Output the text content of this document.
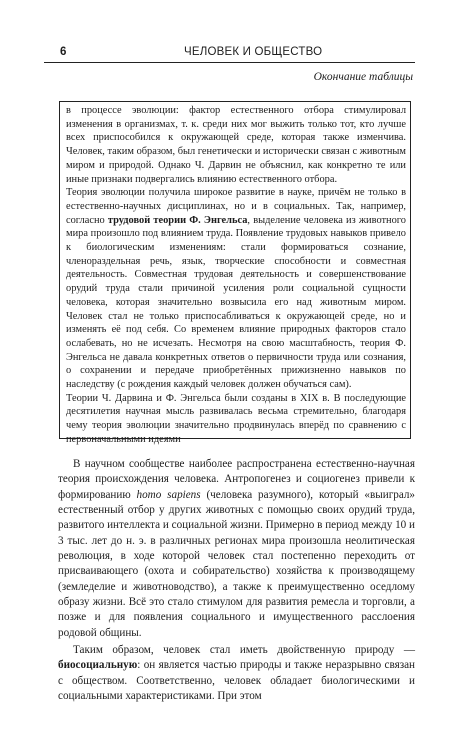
6	ЧЕЛОВЕК И ОБЩЕСТВО
Окончание таблицы

в процессе эволюции: фактор естественного отбора стимулировал изменения в организмах, т. к. среди них мог выжить только тот, кто лучше всех приспособился к окружающей среде, которая также изменчива. Человек, таким образом, был генетически и исторически связан с животным миром и природой. Однако Ч. Дарвин не объяснил, как конкретно те или иные признаки подвергались влиянию естественного отбора.

Теория эволюции получила широкое развитие в науке, причём не только в естественно-научных дисциплинах, но и в социальных. Так, например, согласно трудовой теории Ф. Энгельса, выделение человека из животного мира произошло под влиянием труда. Появление трудовых навыков привело к биологическим изменениям: стали формироваться сознание, членораздельная речь, язык, творческие способности и совместная деятельность. Совместная трудовая деятельность и совершенствование орудий труда стали причиной усиления роли социальной сущности человека, которая значительно возвысила его над животным миром. Человек стал не только приспосабливаться к окружающей среде, но и изменять её под себя. Со временем влияние природных факторов стало ослабевать, но не исчезать. Несмотря на свою масштабность, теория Ф. Энгельса не давала конкретных ответов о первичности труда или сознания, о сохранении и передаче приобретённых прижизненно навыков по наследству (с рождения каждый человек должен обучаться сам).

Теории Ч. Дарвина и Ф. Энгельса были созданы в XIX в. В последующие десятилетия научная мысль развивалась весьма стремительно, благодаря чему теория эволюции значительно продвинулась вперёд по сравнению с первоначальными идеями

В научном сообществе наиболее распространена естественно-научная теория происхождения человека. Антропогенез и социогенез привели к формированию homo sapiens (человека разумного), который «выиграл» естественный отбор у других животных с помощью своих орудий труда, развитого интеллекта и социальной жизни. Примерно в период между 10 и 3 тыс. лет до н. э. в различных регионах мира произошла неолитическая революция, в ходе которой человек стал постепенно переходить от присваивающего (охота и собирательство) хозяйства к производящему (земледелие и животноводство), а также к преимущественно оседлому образу жизни. Всё это стало стимулом для развития ремесла и торговли, а позже и для появления социального и имущественного расслоения родовой общины.

Таким образом, человек стал иметь двойственную природу — биосоциальную: он является частью природы и также неразрывно связан с обществом. Соответственно, человек обладает биологическими и социальными характеристиками. При этом
